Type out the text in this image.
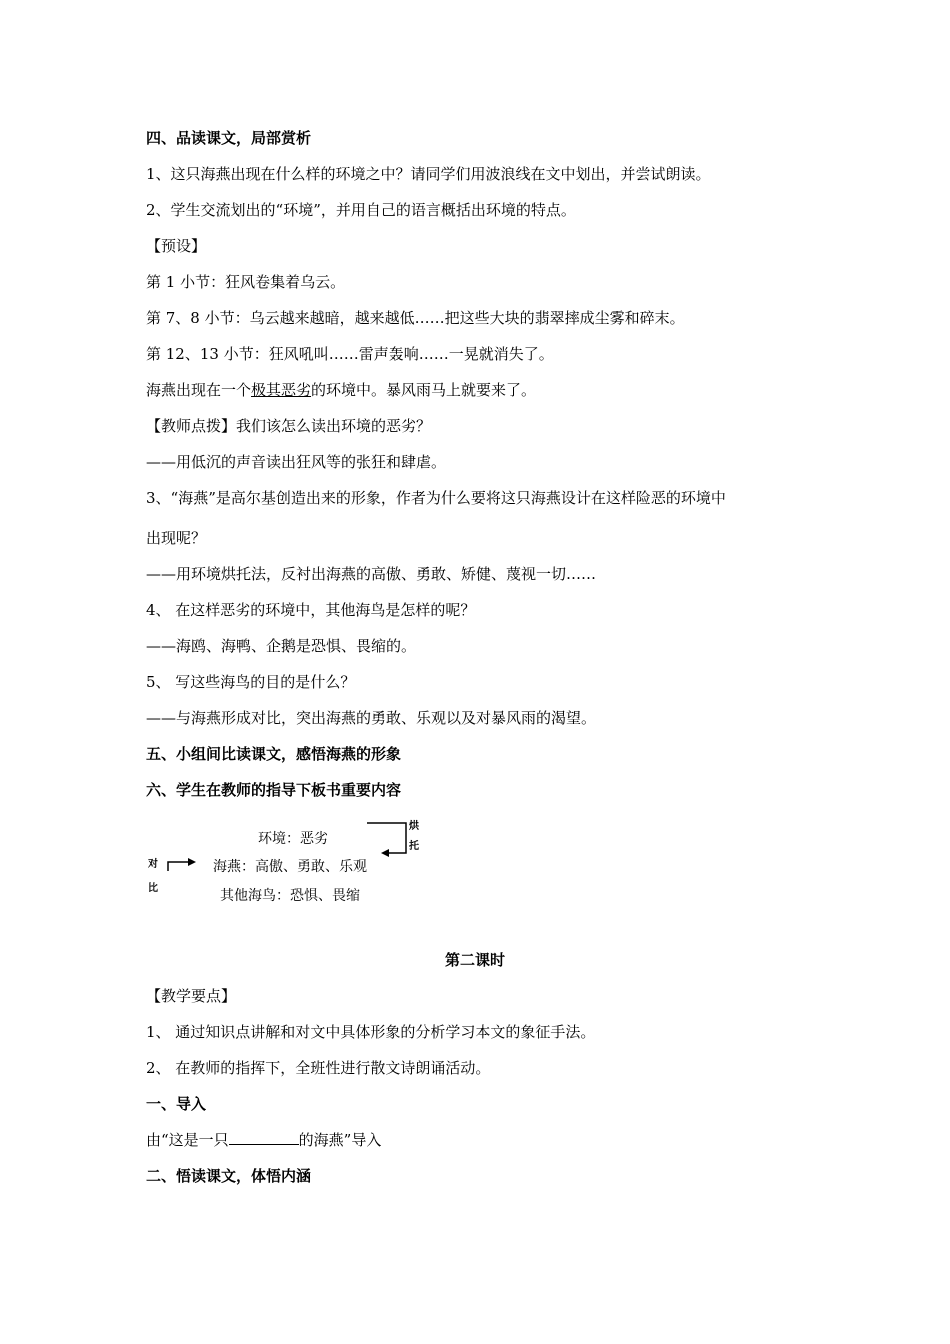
四、品读课文，局部赏析
1、这只海燕出现在什么样的环境之中？请同学们用波浪线在文中划出，并尝试朗读。
2、学生交流划出的“环境”，并用自己的语言概括出环境的特点。
【预设】
第 1 小节：狂风卷集着乌云。
第 7、8 小节：乌云越来越暗，越来越低……把这些大块的翡翠摔成尘雾和碎末。
第 12、13 小节：狂风吼叫……雷声轰响……一晃就消失了。
海燕出现在一个极其恶劣的环境中。暴风雨马上就要来了。
【教师点拨】我们该怎么读出环境的恶劣？
——用低沉的声音读出狂风等的张狂和肆虐。
3、“海燕”是高尔基创造出来的形象，作者为什么要将这只海燕设计在这样险恶的环境中
出现呢？
——用环境烘托法，反衬出海燕的高傲、勇敢、矫健、蔑视一切……
4、 在这样恶劣的环境中，其他海鸟是怎样的呢？
——海鸥、海鸭、企鹅是恐惧、畏缩的。
5、 写这些海鸟的目的是什么？
——与海燕形成对比，突出海燕的勇敢、乐观以及对暴风雨的渴望。
五、小组间比读课文，感悟海燕的形象
六、学生在教师的指导下板书重要内容
环境：恶劣
海燕：高傲、勇敢、乐观
其他海鸟：恐惧、畏缩
烘
托
对
比
第二课时
【教学要点】
1、 通过知识点讲解和对文中具体形象的分析学习本文的象征手法。
2、 在教师的指挥下，全班性进行散文诗朗诵活动。
一、导入
由“这是一只	的海燕”导入
二、悟读课文，体悟内涵
